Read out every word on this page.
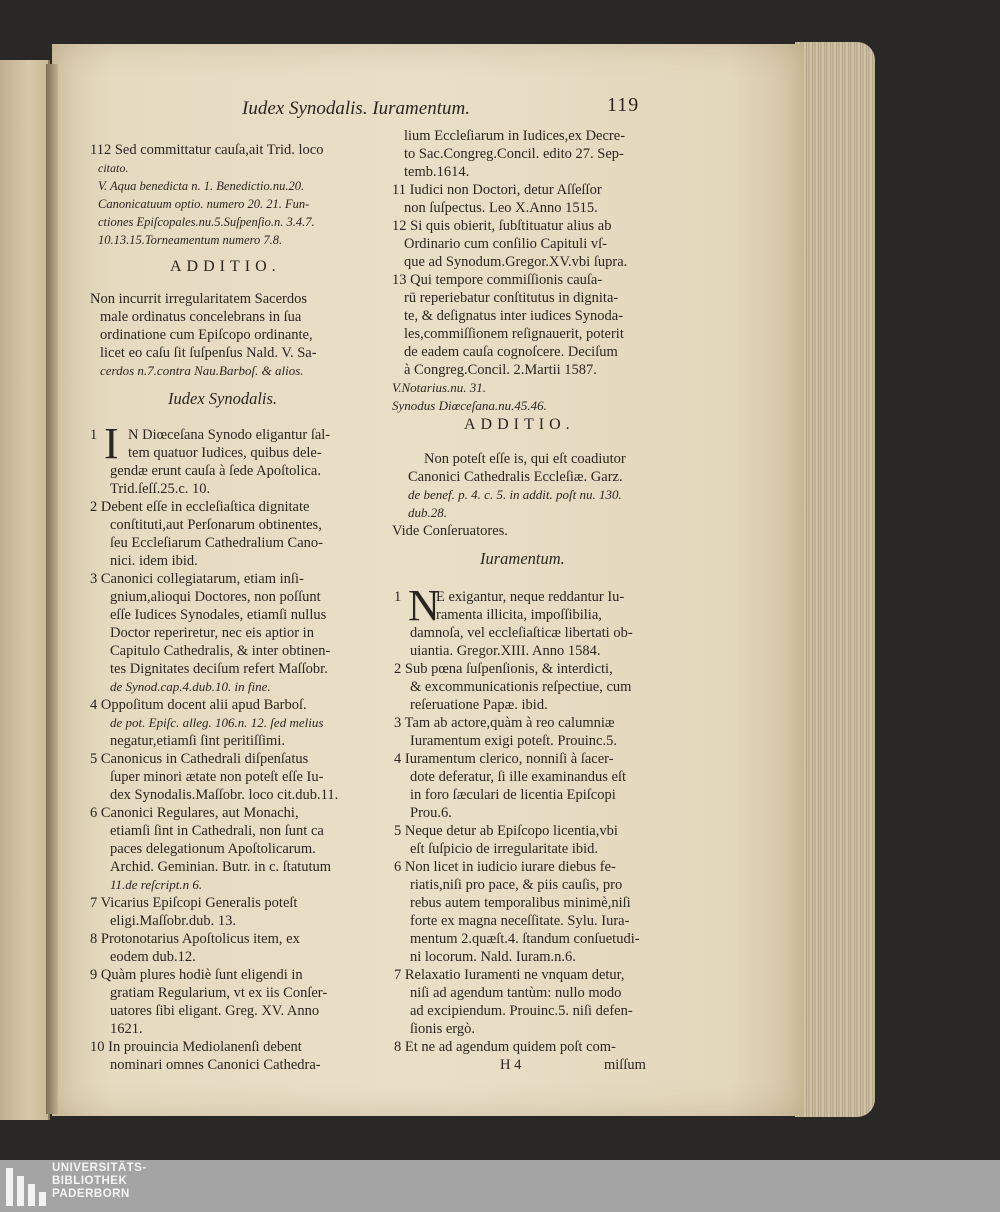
Iudex Synodalis. Iuramentum.	119
112 Sed committatur cauſa,ait Trid. loco
citato.
V. Aqua benedicta n. 1. Benedictio.nu.20.
Canonicatuum optio. numero 20. 21. Fun-
ctiones Epiſcopales.nu.5.Suſpenſio.n. 3.4.7.
10.13.15.Torneamentum numero 7.8.
ADDITIO.
Non incurrit irregularitatem Sacerdos
male ordinatus concelebrans in ſua
ordinatione cum Epiſcopo ordinante,
licet eo caſu ſit ſuſpenſus Nald. V. Sa-
cerdos n.7.contra Nau.Barboſ. & alios.
Iudex Synodalis.
1 I N Diœceſana Synodo eligantur ſal-
tem quatuor Iudices, quibus dele-
gendæ erunt cauſa à ſede Apoſtolica.
Trid.ſeſſ.25.c. 10.
2 Debent eſſe in eccleſiaſtica dignitate
conſtituti,aut Perſonarum obtinentes,
ſeu Eccleſiarum Cathedralium Cano-
nici. idem ibid.
3 Canonici collegiatarum, etiam inſi-
gnium,alioqui Doctores, non poſſunt
eſſe Iudices Synodales, etiamſi nullus
Doctor reperiretur, nec eis aptior in
Capitulo Cathedralis, & inter obtinen-
tes Dignitates deciſum refert Maſſobr.
de Synod.cap.4.dub.10. in fine.
4 Oppoſitum docent alii apud Barboſ.
de pot. Epiſc. alleg. 106.n. 12. ſed melius
negatur,etiamſi ſint peritiſſimi.
5 Canonicus in Cathedrali diſpenſatus
ſuper minori ætate non poteſt eſſe Iu-
dex Synodalis.Maſſobr. loco cit.dub.11.
6 Canonici Regulares, aut Monachi,
etiamſi ſint in Cathedrali, non ſunt ca
paces delegationum Apoſtolicarum.
Archid. Geminian. Butr. in c. ſtatutum
11.de reſcript.n 6.
7 Vicarius Epiſcopi Generalis poteſt
eligi.Maſſobr.dub. 13.
8 Protonotarius Apoſtolicus item, ex
eodem dub.12.
9 Quàm plures hodiè ſunt eligendi in
gratiam Regularium, vt ex iis Conſer-
uatores ſibi eligant. Greg. XV. Anno
1621.
10 In prouincia Mediolanenſi debent
nominari omnes Canonici Cathedra-
lium Eccleſiarum in Iudices,ex Decre-
to Sac.Congreg.Concil. edito 27. Sep-
temb.1614.
11 Iudici non Doctori, detur Aſſeſſor
non ſuſpectus. Leo X.Anno 1515.
12 Si quis obierit, ſubſtituatur alius ab
Ordinario cum conſilio Capituli vſ-
que ad Synodum.Gregor.XV.vbi ſupra.
13 Qui tempore commiſſionis cauſa-
rū reperiebatur conſtitutus in dignita-
te, & deſignatus inter iudices Synoda-
les,commiſſionem reſignauerit, poterit
de eadem cauſa cognoſcere. Deciſum
à Congreg.Concil. 2.Martii 1587.
V.Notarius.nu. 31.
Synodus Diœceſana.nu.45.46.
ADDITIO.
Non poteſt eſſe is, qui eſt coadiutor
Canonici Cathedralis Eccleſiæ. Garz.
de benef. p. 4. c. 5. in addit. poſt nu. 130.
dub.28.
Vide Conſeruatores.
Iuramentum.
1 N
E exigantur, neque reddantur Iu-
ramenta illicita, impoſſibilia,
damnoſa, vel eccleſiaſticæ libertati ob-
uiantia. Gregor.XIII. Anno 1584.
2 Sub pœna ſuſpenſionis, & interdicti,
& excommunicationis reſpectiue, cum
reſeruatione Papæ. ibid.
3 Tam ab actore,quàm à reo calumniæ
Iuramentum exigi poteſt. Prouinc.5.
4 Iuramentum clerico, nonniſi à ſacer-
dote deferatur, ſi ille examinandus eſt
in foro ſæculari de licentia Epiſcopi
Prou.6.
5 Neque detur ab Epiſcopo licentia,vbi
eſt ſuſpicio de irregularitate ibid.
6 Non licet in iudicio iurare diebus fe-
riatis,niſi pro pace, & piis cauſis, pro
rebus autem temporalibus minimè,niſi
forte ex magna neceſſitate. Sylu. Iura-
mentum 2.quæſt.4. ſtandum conſuetudi-
ni locorum. Nald. Iuram.n.6.
7 Relaxatio Iuramenti ne vnquam detur,
niſi ad agendum tantùm: nullo modo
ad excipiendum. Prouinc.5. niſi defen-
ſionis ergò.
8 Et ne ad agendum quidem poſt com-
H 4	miſſum
UNIVERSITÄTS-
BIBLIOTHEK
PADERBORN
